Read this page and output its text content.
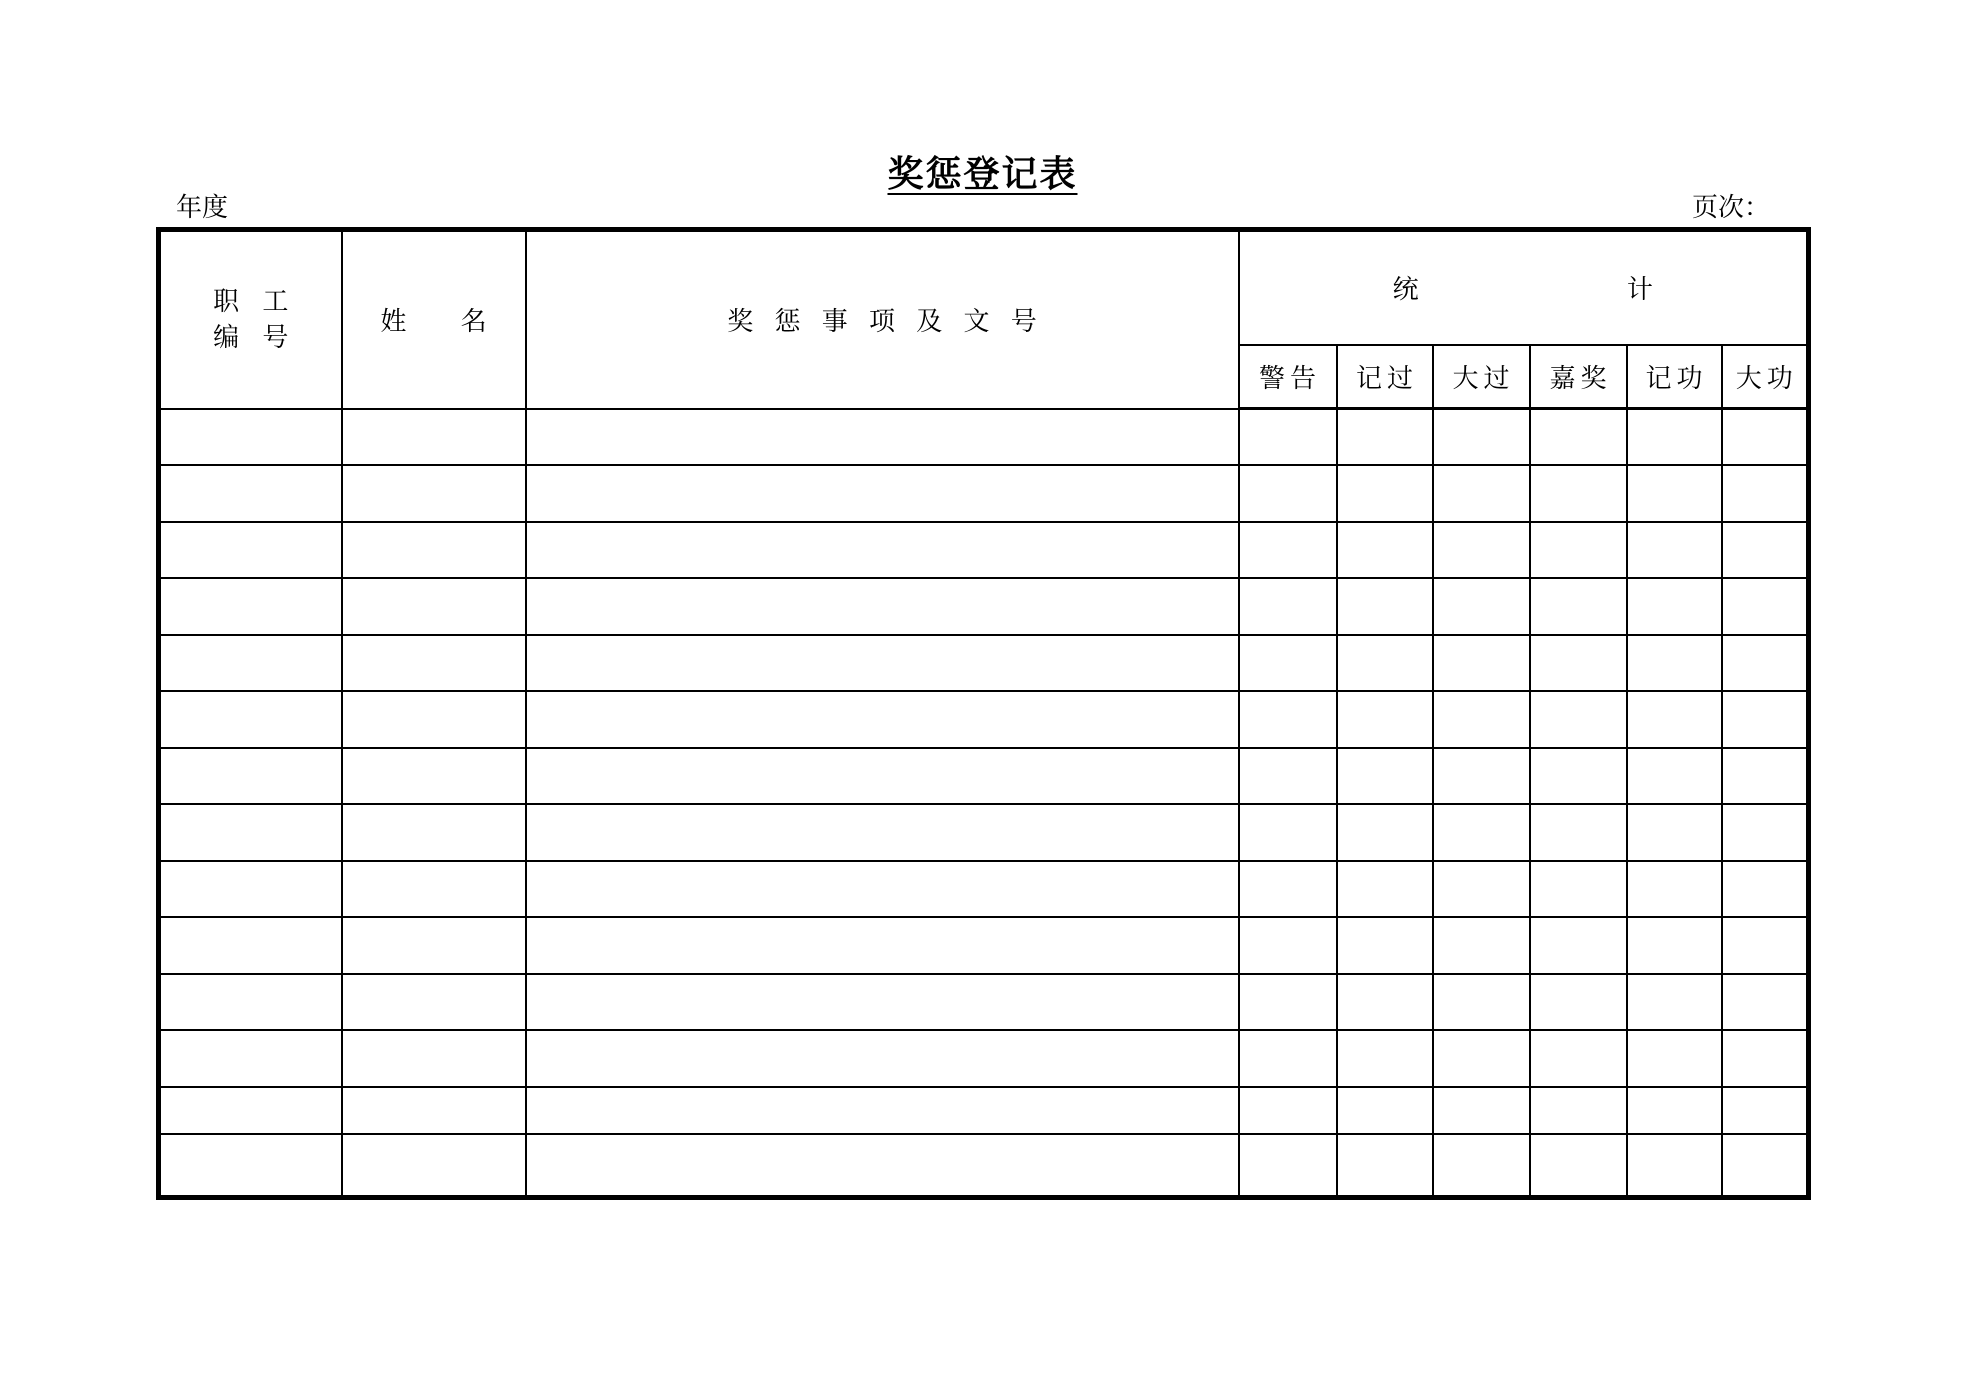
奖惩登记表
年度	页次：
职 工
编 号	姓 名	奖 惩 事 项 及 文 号	统 计					
			警告	记过	大过	嘉奖	记功	大功
